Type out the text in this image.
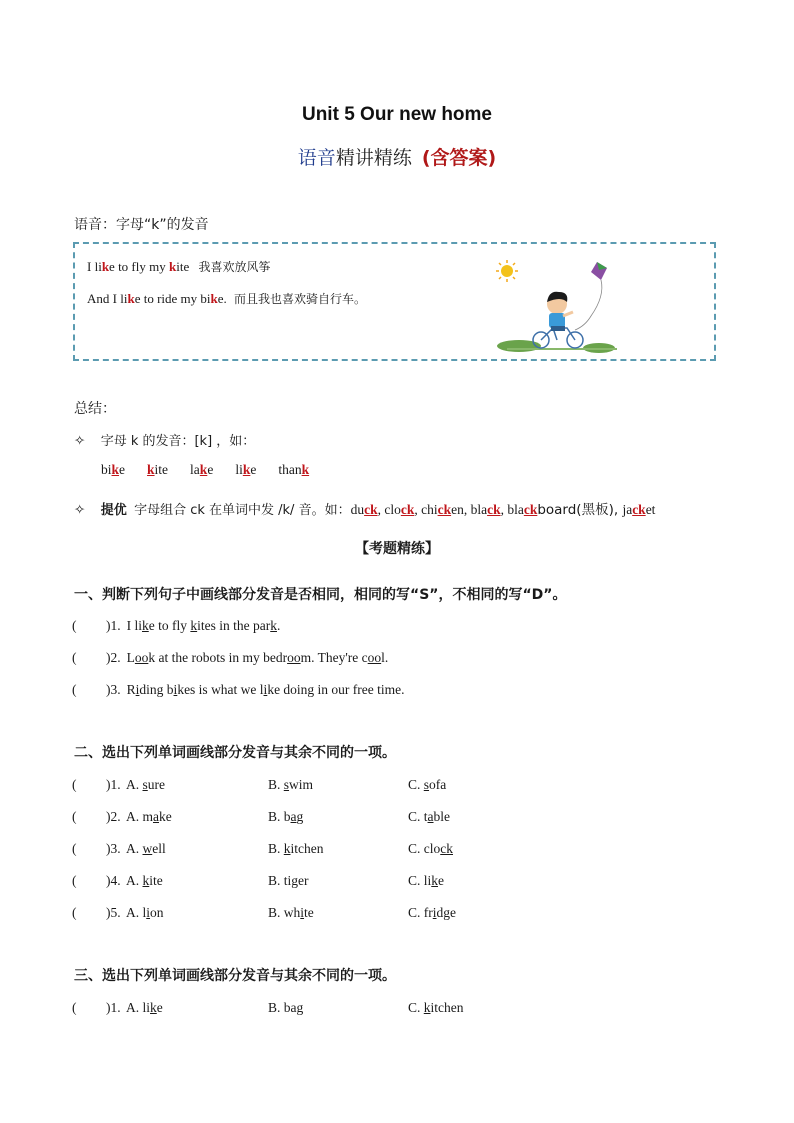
Unit 5 Our new home
语音精讲精练 (含答案)
语音：字母“k”的发音
I like to fly my kite 我喜欢放风筝
And I like to ride my bike. 而且我也喜欢骑自行车。
总结：
✧ 字母 k 的发音：[k] ，如：
bike kite lake like thank
✧ 提优 字母组合 ck 在单词中发 /k/ 音。如：duck, clock, chicken, black, blackboard(黑板), jacket
【考题精练】
一、判断下列句子中画线部分发音是否相同，相同的写“S”，不相同的写“D”。
( )1. I like to fly kites in the park.
( )2. Look at the robots in my bedroom. They're cool.
( )3. Riding bikes is what we like doing in our free time.
二、选出下列单词画线部分发音与其余不同的一项。
( )1. A. sure	B. swim	C. sofa
( )2. A. make	B. bag	C. table
( )3. A. well	B. kitchen	C. clock
( )4. A. kite	B. tiger	C. like
( )5. A. lion	B. white	C. fridge
三、选出下列单词画线部分发音与其余不同的一项。
( )1. A. like	B. bag	C. kitchen
